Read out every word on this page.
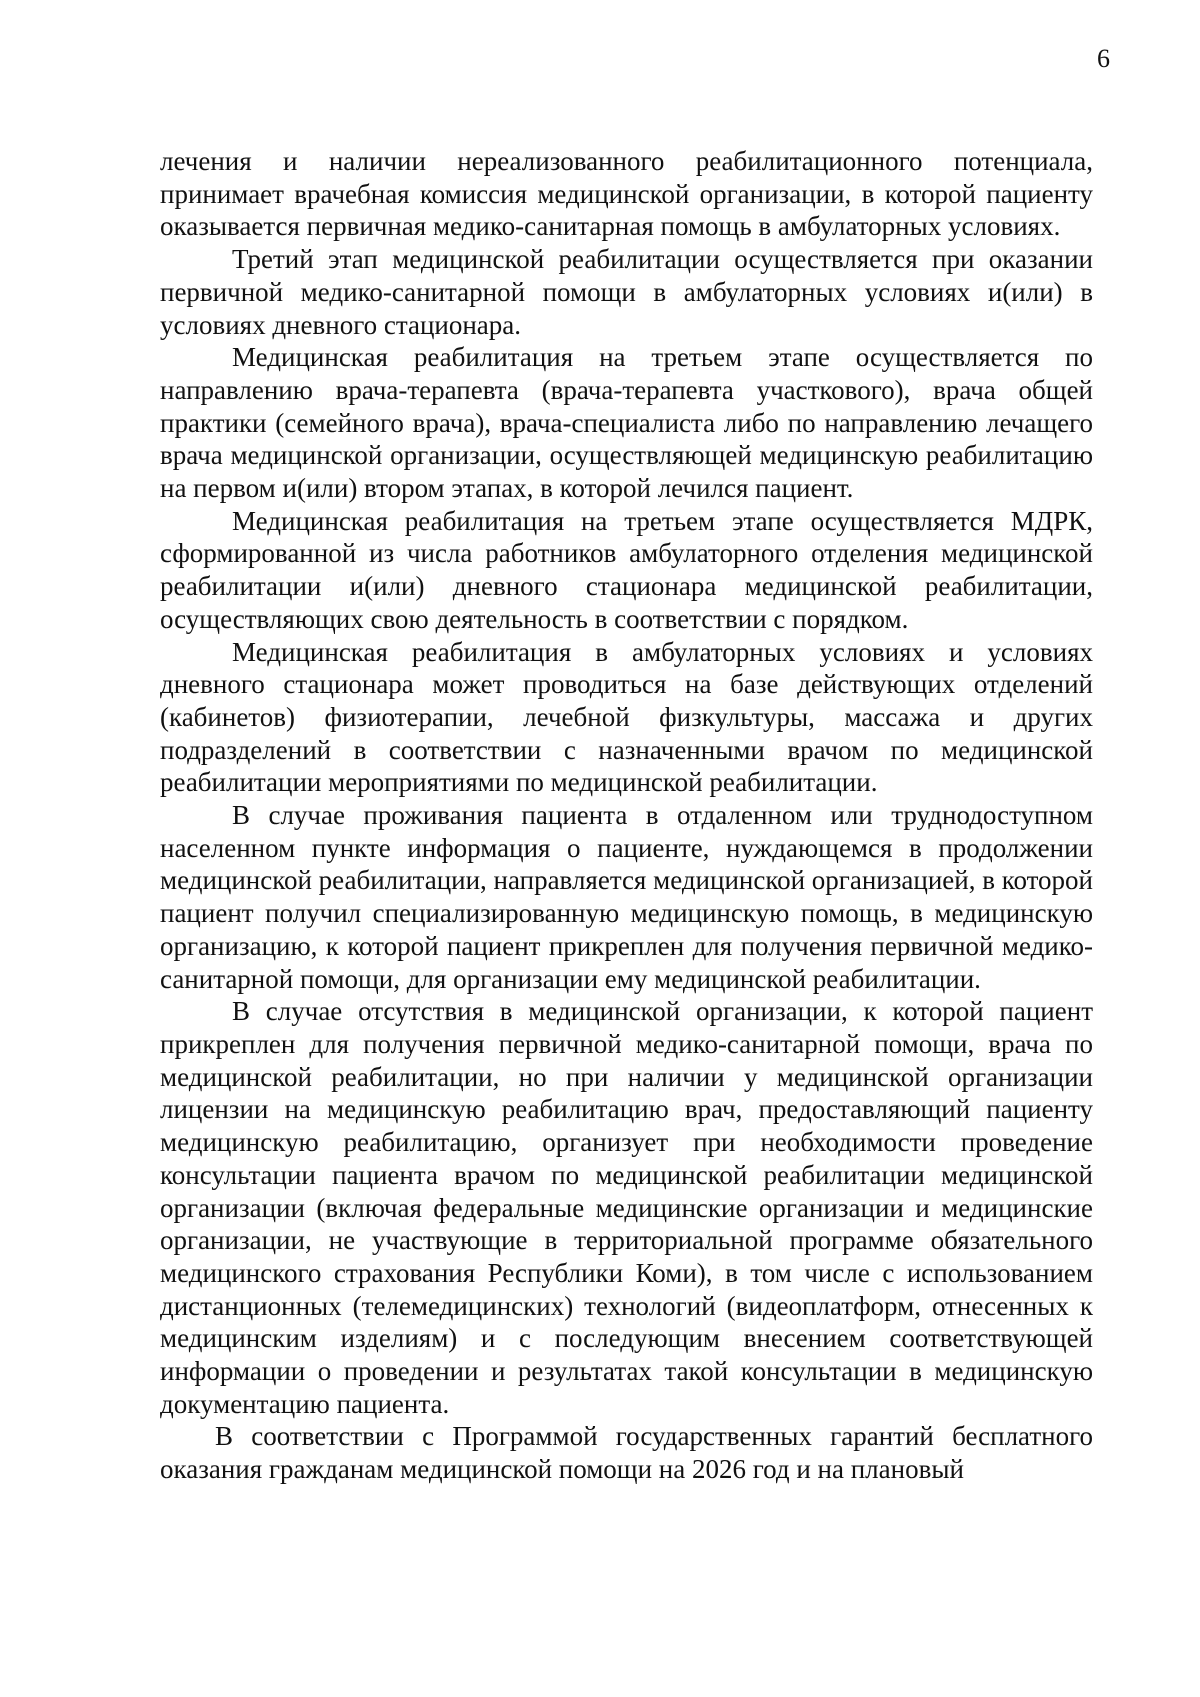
6

лечения и наличии нереализованного реабилитационного потенциала, принимает врачебная комиссия медицинской организации, в которой пациенту оказывается первичная медико-санитарная помощь в амбулаторных условиях.

Третий этап медицинской реабилитации осуществляется при оказании первичной медико-санитарной помощи в амбулаторных условиях и(или) в условиях дневного стационара.

Медицинская реабилитация на третьем этапе осуществляется по направлению врача-терапевта (врача-терапевта участкового), врача общей практики (семейного врача), врача-специалиста либо по направлению лечащего врача медицинской организации, осуществляющей медицинскую реабилитацию на первом и(или) втором этапах, в которой лечился пациент.

Медицинская реабилитация на третьем этапе осуществляется МДРК, сформированной из числа работников амбулаторного отделения медицинской реабилитации и(или) дневного стационара медицинской реабилитации, осуществляющих свою деятельность в соответствии с порядком.

Медицинская реабилитация в амбулаторных условиях и условиях дневного стационара может проводиться на базе действующих отделений (кабинетов) физиотерапии, лечебной физкультуры, массажа и других подразделений в соответствии с назначенными врачом по медицинской реабилитации мероприятиями по медицинской реабилитации.

В случае проживания пациента в отдаленном или труднодоступном населенном пункте информация о пациенте, нуждающемся в продолжении медицинской реабилитации, направляется медицинской организацией, в которой пациент получил специализированную медицинскую помощь, в медицинскую организацию, к которой пациент прикреплен для получения первичной медико-санитарной помощи, для организации ему медицинской реабилитации.

В случае отсутствия в медицинской организации, к которой пациент прикреплен для получения первичной медико-санитарной помощи, врача по медицинской реабилитации, но при наличии у медицинской организации лицензии на медицинскую реабилитацию врач, предоставляющий пациенту медицинскую реабилитацию, организует при необходимости проведение консультации пациента врачом по медицинской реабилитации медицинской организации (включая федеральные медицинские организации и медицинские организации, не участвующие в территориальной программе обязательного медицинского страхования Республики Коми), в том числе с использованием дистанционных (телемедицинских) технологий (видеоплатформ, отнесенных к медицинским изделиям) и с последующим внесением соответствующей информации о проведении и результатах такой консультации в медицинскую документацию пациента.

В соответствии с Программой государственных гарантий бесплатного оказания гражданам медицинской помощи на 2026 год и на плановый
